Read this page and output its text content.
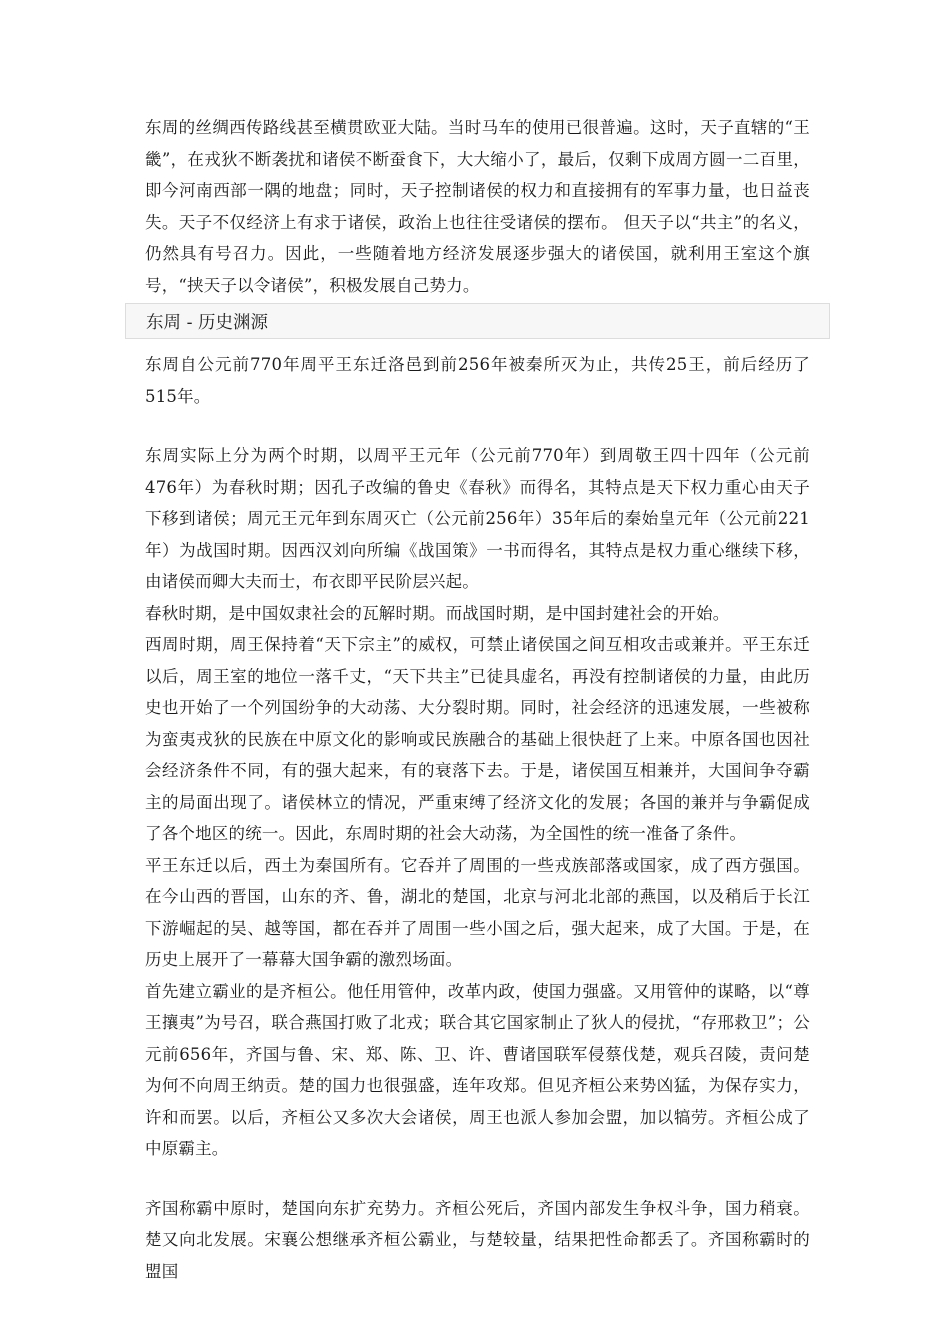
东周的丝绸西传路线甚至横贯欧亚大陆。当时马车的使用已很普遍。这时，天子直辖的“王畿”，在戎狄不断袭扰和诸侯不断蚕食下，大大缩小了，最后，仅剩下成周方圆一二百里，即今河南西部一隅的地盘；同时，天子控制诸侯的权力和直接拥有的军事力量，也日益丧失。天子不仅经济上有求于诸侯，政治上也往往受诸侯的摆布。 但天子以“共主”的名义，仍然具有号召力。因此，一些随着地方经济发展逐步强大的诸侯国，就利用王室这个旗号，“挟天子以令诸侯”，积极发展自己势力。

东周 - 历史渊源

东周自公元前770年周平王东迁洛邑到前256年被秦所灭为止，共传25王，前后经历了515年。

东周实际上分为两个时期，以周平王元年（公元前770年）到周敬王四十四年（公元前476年）为春秋时期；因孔子改编的鲁史《春秋》而得名，其特点是天下权力重心由天子下移到诸侯；周元王元年到东周灭亡（公元前256年）35年后的秦始皇元年（公元前221年）为战国时期。因西汉刘向所编《战国策》一书而得名，其特点是权力重心继续下移，由诸侯而卿大夫而士，布衣即平民阶层兴起。

春秋时期，是中国奴隶社会的瓦解时期。而战国时期，是中国封建社会的开始。

西周时期，周王保持着“天下宗主”的威权，可禁止诸侯国之间互相攻击或兼并。平王东迁以后，周王室的地位一落千丈，“天下共主”已徒具虚名，再没有控制诸侯的力量，由此历史也开始了一个列国纷争的大动荡、大分裂时期。同时，社会经济的迅速发展，一些被称为蛮夷戎狄的民族在中原文化的影响或民族融合的基础上很快赶了上来。中原各国也因社会经济条件不同，有的强大起来，有的衰落下去。于是，诸侯国互相兼并，大国间争夺霸主的局面出现了。诸侯林立的情况，严重束缚了经济文化的发展；各国的兼并与争霸促成了各个地区的统一。因此，东周时期的社会大动荡，为全国性的统一准备了条件。

平王东迁以后，西土为秦国所有。它吞并了周围的一些戎族部落或国家，成了西方强国。在今山西的晋国，山东的齐、鲁，湖北的楚国，北京与河北北部的燕国，以及稍后于长江下游崛起的吴、越等国，都在吞并了周围一些小国之后，强大起来，成了大国。于是，在历史上展开了一幕幕大国争霸的激烈场面。

首先建立霸业的是齐桓公。他任用管仲，改革内政，使国力强盛。又用管仲的谋略，以“尊王攘夷”为号召，联合燕国打败了北戎；联合其它国家制止了狄人的侵扰，“存邢救卫”；公元前656年，齐国与鲁、宋、郑、陈、卫、许、曹诸国联军侵蔡伐楚，观兵召陵，责问楚为何不向周王纳贡。楚的国力也很强盛，连年攻郑。但见齐桓公来势凶猛，为保存实力，许和而罢。以后，齐桓公又多次大会诸侯，周王也派人参加会盟，加以犒劳。齐桓公成了中原霸主。

齐国称霸中原时，楚国向东扩充势力。齐桓公死后，齐国内部发生争权斗争，国力稍衰。楚又向北发展。宋襄公想继承齐桓公霸业，与楚较量，结果把性命都丢了。齐国称霸时的盟国
